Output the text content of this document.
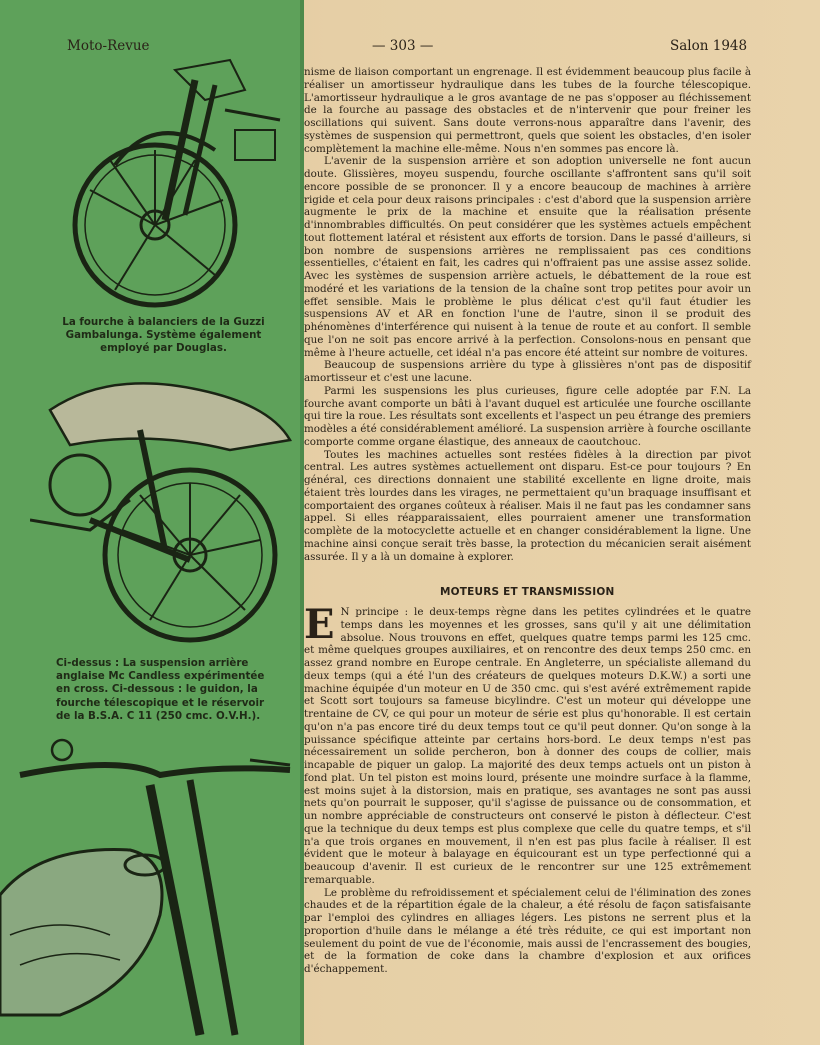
Moto-Revue	— 303 —	Salon 1948
La fourche à balanciers de la Guzzi Gambalunga. Système également employé par Douglas.
Ci-dessus : La suspension arrière anglaise Mc Candless expérimentée en cross. Ci-dessous : le guidon, la fourche télescopique et le réservoir de la B.S.A. C 11 (250 cmc. O.V.H.).

nisme de liaison comportant un engrenage. Il est évidemment beaucoup plus facile à réaliser un amortisseur hydraulique dans les tubes de la fourche télescopique. L'amortisseur hydraulique a le gros avantage de ne pas s'opposer au fléchissement de la fourche au passage des obstacles et de n'intervenir que pour freiner les oscillations qui suivent. Sans doute verrons-nous apparaître dans l'avenir, des systèmes de suspension qui permettront, quels que soient les obstacles, d'en isoler complètement la machine elle-même. Nous n'en sommes pas encore là.

L'avenir de la suspension arrière et son adoption universelle ne font aucun doute. Glissières, moyeu suspendu, fourche oscillante s'affrontent sans qu'il soit encore possible de se prononcer. Il y a encore beaucoup de machines à arrière rigide et cela pour deux raisons principales : c'est d'abord que la suspension arrière augmente le prix de la machine et ensuite que la réalisation présente d'innombrables difficultés. On peut considérer que les systèmes actuels empêchent tout flottement latéral et résistent aux efforts de torsion. Dans le passé d'ailleurs, si bon nombre de suspensions arrières ne remplissaient pas ces conditions essentielles, c'étaient en fait, les cadres qui n'offraient pas une assise assez solide. Avec les systèmes de suspension arrière actuels, le débattement de la roue est modéré et les variations de la tension de la chaîne sont trop petites pour avoir un effet sensible. Mais le problème le plus délicat c'est qu'il faut étudier les suspensions AV et AR en fonction l'une de l'autre, sinon il se produit des phénomènes d'interférence qui nuisent à la tenue de route et au confort. Il semble que l'on ne soit pas encore arrivé à la perfection. Consolons-nous en pensant que même à l'heure actuelle, cet idéal n'a pas encore été atteint sur nombre de voitures.

Beaucoup de suspensions arrière du type à glissières n'ont pas de dispositif amortisseur et c'est une lacune.

Parmi les suspensions les plus curieuses, figure celle adoptée par F.N. La fourche avant comporte un bâti à l'avant duquel est articulée une fourche oscillante qui tire la roue. Les résultats sont excellents et l'aspect un peu étrange des premiers modèles a été considérablement amélioré. La suspension arrière à fourche oscillante comporte comme organe élastique, des anneaux de caoutchouc.

Toutes les machines actuelles sont restées fidèles à la direction par pivot central. Les autres systèmes actuellement ont disparu. Est-ce pour toujours ? En général, ces directions donnaient une stabilité excellente en ligne droite, mais étaient très lourdes dans les virages, ne permettaient qu'un braquage insuffisant et comportaient des organes coûteux à réaliser. Mais il ne faut pas les condamner sans appel. Si elles réapparaissaient, elles pourraient amener une transformation complète de la motocyclette actuelle et en changer considérablement la ligne. Une machine ainsi conçue serait très basse, la protection du mécanicien serait aisément assurée. Il y a là un domaine à explorer.

MOTEURS ET TRANSMISSION

E N principe : le deux-temps règne dans les petites cylindrées et le quatre temps dans les moyennes et les grosses, sans qu'il y ait une délimitation absolue. Nous trouvons en effet, quelques quatre temps parmi les 125 cmc. et même quelques groupes auxiliaires, et on rencontre des deux temps 250 cmc. en assez grand nombre en Europe centrale. En Angleterre, un spécialiste allemand du deux temps (qui a été l'un des créateurs de quelques moteurs D.K.W.) a sorti une machine équipée d'un moteur en U de 350 cmc. qui s'est avéré extrêmement rapide et Scott sort toujours sa fameuse bicylindre. C'est un moteur qui développe une trentaine de CV, ce qui pour un moteur de série est plus qu'honorable. Il est certain qu'on n'a pas encore tiré du deux temps tout ce qu'il peut donner. Qu'on songe à la puissance spécifique atteinte par certains hors-bord. Le deux temps n'est pas nécessairement un solide percheron, bon à donner des coups de collier, mais incapable de piquer un galop. La majorité des deux temps actuels ont un piston à fond plat. Un tel piston est moins lourd, présente une moindre surface à la flamme, est moins sujet à la distorsion, mais en pratique, ses avantages ne sont pas aussi nets qu'on pourrait le supposer, qu'il s'agisse de puissance ou de consommation, et un nombre appréciable de constructeurs ont conservé le piston à déflecteur. C'est que la technique du deux temps est plus complexe que celle du quatre temps, et s'il n'a que trois organes en mouvement, il n'en est pas plus facile à réaliser. Il est évident que le moteur à balayage en équicourant est un type perfectionné qui a beaucoup d'avenir. Il est curieux de le rencontrer sur une 125 extrêmement remarquable.

Le problème du refroidissement et spécialement celui de l'élimination des zones chaudes et de la répartition égale de la chaleur, a été résolu de façon satisfaisante par l'emploi des cylindres en alliages légers. Les pistons ne serrent plus et la proportion d'huile dans le mélange a été très réduite, ce qui est important non seulement du point de vue de l'économie, mais aussi de l'encrassement des bougies, et de la formation de coke dans la chambre d'explosion et aux orifices d'échappement.
